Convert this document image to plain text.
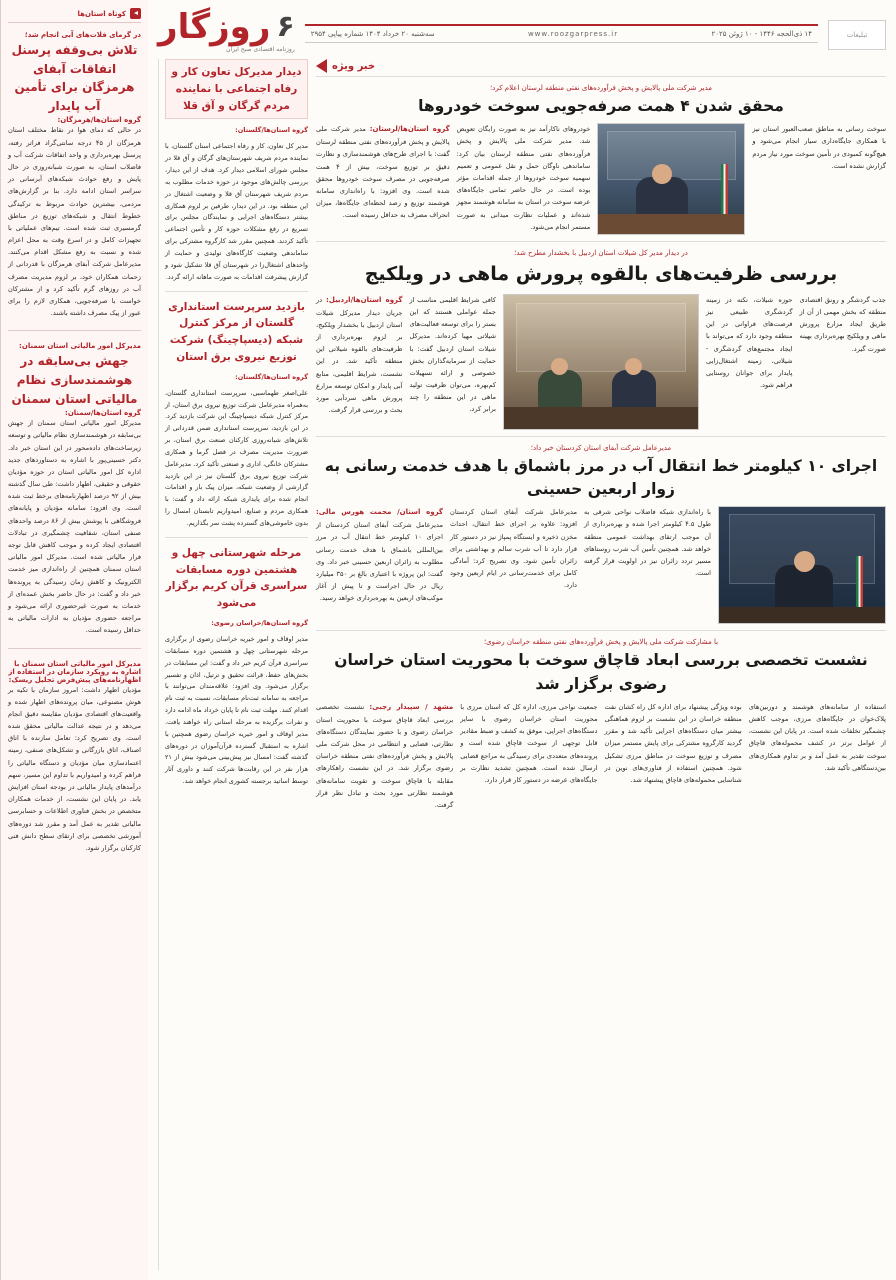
۶
روزگار
روزنامه اقتصادی صبح ایران
سه‌شنبه ۲۰ خرداد ۱۴۰۴ شماره پیاپی ۲۹۵۴	www.roozgarpress.ir	۱۴ ذی‌الحجه ۱۴۴۶ - ۱۰ ژوئن ۲۰۲۵	تبلیغات
خبر ویژه
مدیر شرکت ملی پالایش و پخش فرآورده‌های نفتی منطقه لرستان اعلام کرد؛
محقق شدن ۴ همت صرفه‌جویی سوخت خودروها
سوخت رسانی به مناطق صعب‌العبور استان نیز با همکاری جایگاه‌داری سیار انجام می‌شود و هیچ‌گونه کمبودی در تأمین سوخت مورد نیاز مردم گزارش نشده است.
خودروهای ناکارآمد نیز به صورت رایگان تعویض شد. مدیر شرکت ملی پالایش و پخش فرآورده‌های نفتی منطقه لرستان بیان کرد: ساماندهی ناوگان حمل و نقل عمومی و تعمیم سهمیه سوخت خودروها از جمله اقدامات مؤثر بوده است. در حال حاضر تمامی جایگاه‌های عرضه سوخت در استان به سامانه هوشمند مجهز شده‌اند و عملیات نظارت میدانی به صورت مستمر انجام می‌شود.
گروه استان‌ها/لرستان: مدیر شرکت ملی پالایش و پخش فرآورده‌های نفتی منطقه لرستان گفت: با اجرای طرح‌های هوشمندسازی و نظارت دقیق بر توزیع سوخت، بیش از ۴ همت صرفه‌جویی در مصرف سوخت خودروها محقق شده است. وی افزود: با راه‌اندازی سامانه هوشمند توزیع و رصد لحظه‌ای جایگاه‌ها، میزان انحراف مصرف به حداقل رسیده است.
در دیدار مدیر کل شیلات استان اردبیل با بخشدار مطرح شد؛
بررسی ظرفیت‌های بالقوه پرورش ماهی در ویلکیج
جذب گردشگر و رونق اقتصادی منطقه که بخش مهمی از آن از طریق ایجاد مزارع پرورش ماهی و ویلکیج بهره‌برداری بهینه صورت گیرد.
حوزه شیلات، نکته در زمینه گردشگری طبیعی نیز فرصت‌های فراوانی در این منطقه وجود دارد که می‌تواند با ایجاد مجتمع‌های گردشگری - شیلاتی، زمینه اشتغال‌زایی پایدار برای جوانان روستایی فراهم شود.
کافی شرایط اقلیمی مناسب از جمله عواملی هستند که این بستر را برای توسعه فعالیت‌های شیلاتی مهیا کرده‌اند. مدیرکل شیلات استان اردبیل گفت: با حمایت از سرمایه‌گذاران بخش خصوصی و ارائه تسهیلات کم‌بهره، می‌توان ظرفیت تولید ماهی در این منطقه را چند برابر کرد.
گروه استان‌ها/اردبیل: در جریان دیدار مدیرکل شیلات استان اردبیل با بخشدار ویلکیج، بر لزوم بهره‌برداری از ظرفیت‌های بالقوه شیلاتی این منطقه تأکید شد. در این نشست، شرایط اقلیمی، منابع آبی پایدار و امکان توسعه مزارع پرورش ماهی سردآبی مورد بحث و بررسی قرار گرفت.
مدیرعامل شرکت آبفای استان کردستان خبر داد؛
اجرای ۱۰ کیلومتر خط انتقال آب در مرز باشماق با هدف خدمت رسانی به زوار اربعین حسینی
با راه‌اندازی شبکه فاضلاب نواحی شرقی به طول ۴.۵ کیلومتر اجرا شده و بهره‌برداری از آن موجب ارتقای بهداشت عمومی منطقه خواهد شد. همچنین تأمین آب شرب روستاهای مسیر تردد زائران نیز در اولویت قرار گرفته است.
مدیرعامل شرکت آبفای استان کردستان افزود: علاوه بر اجرای خط انتقال، احداث مخزن ذخیره و ایستگاه پمپاژ نیز در دستور کار قرار دارد تا آب شرب سالم و بهداشتی برای زائران تأمین شود. وی تصریح کرد: آمادگی کامل برای خدمت‌رسانی در ایام اربعین وجود دارد.
گروه استان/ محمت هورس مالی: مدیرعامل شرکت آبفای استان کردستان از اجرای ۱۰ کیلومتر خط انتقال آب در مرز بین‌المللی باشماق با هدف خدمت رسانی مطلوب به زائران اربعین حسینی خبر داد. وی گفت: این پروژه با اعتباری بالغ بر ۳۵۰ میلیارد ریال در حال اجراست و تا پیش از آغاز موکب‌های اربعین به بهره‌برداری خواهد رسید.
با مشارکت شرکت ملی پالایش و پخش فرآورده‌های نفتی منطقه خراسان رضوی؛
نشست تخصصی بررسی ابعاد قاچاق سوخت با محوریت استان خراسان رضوی برگزار شد
استفاده از سامانه‌های هوشمند و دوربین‌های پلاک‌خوان در جایگاه‌های مرزی، موجب کاهش چشمگیر تخلفات شده است. در پایان این نشست، از عوامل برتر در کشف محموله‌های قاچاق سوخت تقدیر به عمل آمد و بر تداوم همکاری‌های بین‌دستگاهی تأکید شد.
بوده ویژگی پیشنهاد برای اداره کل راه کشان نفت منطقه خراسان در این نشست بر لزوم هماهنگی بیشتر میان دستگاه‌های اجرایی تأکید شد و مقرر گردید کارگروه مشترکی برای پایش مستمر میزان مصرف و توزیع سوخت در مناطق مرزی تشکیل شود. همچنین استفاده از فناوری‌های نوین در شناسایی محموله‌های قاچاق پیشنهاد شد.
جمعیت نواحی مرزی، اداره کل که استان مرزی با محوریت استان خراسان رضوی با سایر دستگاه‌های اجرایی، موفق به کشف و ضبط مقادیر قابل توجهی از سوخت قاچاق شده است و پرونده‌های متعددی برای رسیدگی به مراجع قضایی ارسال شده است. همچنین تشدید نظارت بر جایگاه‌های عرضه در دستور کار قرار دارد.
مشهد / سپیدار رجبی: نشست تخصصی بررسی ابعاد قاچاق سوخت با محوریت استان خراسان رضوی و با حضور نمایندگان دستگاه‌های نظارتی، قضایی و انتظامی در محل شرکت ملی پالایش و پخش فرآورده‌های نفتی منطقه خراسان رضوی برگزار شد. در این نشست راهکارهای مقابله با قاچاق سوخت و تقویت سامانه‌های هوشمند نظارتی مورد بحث و تبادل نظر قرار گرفت.
دیدار مدیرکل تعاون کار و رفاه اجتماعی با نماینده مردم گرگان و آق قلا
گروه استان‌ها/گلستان:
مدیر کل تعاون، کار و رفاه اجتماعی استان گلستان، با نماینده مردم شریف شهرستان‌های گرگان و آق قلا در مجلس شورای اسلامی دیدار کرد. هدف از این دیدار، بررسی چالش‌های موجود در حوزه خدمات مطلوب به مردم شریف شهرستان آق قلا و وضعیت اشتغال در این منطقه بود. در این دیدار، طرفین بر لزوم همکاری بیشتر دستگاه‌های اجرایی و نمایندگان مجلس برای تسریع در رفع مشکلات حوزه کار و تأمین اجتماعی تأکید کردند. همچنین مقرر شد کارگروه مشترکی برای ساماندهی وضعیت کارگاه‌های تولیدی و حمایت از واحدهای اشتغال‌زا در شهرستان آق قلا تشکیل شود و گزارش پیشرفت اقدامات به صورت ماهانه ارائه گردد.
بازدید سرپرست استانداری گلستان از مرکز کنترل شبکه (دیسپاچینگ) شرکت توزیع نیروی برق استان
گروه استان‌ها/گلستان:
علی‌اصغر طهماسبی، سرپرست استانداری گلستان، به‌همراه مدیرعامل شرکت توزیع نیروی برق استان، از مرکز کنترل شبکه دیسپاچینگ این شرکت بازدید کرد. در این بازدید، سرپرست استانداری ضمن قدردانی از تلاش‌های شبانه‌روزی کارکنان صنعت برق استان، بر ضرورت مدیریت مصرف در فصل گرما و همکاری مشترکان خانگی، اداری و صنعتی تأکید کرد. مدیرعامل شرکت توزیع نیروی برق گلستان نیز در این بازدید گزارشی از وضعیت شبکه، میزان پیک بار و اقدامات انجام شده برای پایداری شبکه ارائه داد و گفت: با همکاری مردم و صنایع، امیدواریم تابستان امسال را بدون خاموشی‌های گسترده پشت سر بگذاریم.
مرحله شهرستانی چهل و هشتمین دوره مسابقات سراسری قرآن کریم برگزار می‌شود
گروه استان‌ها/خراسان رضوی:
مدیر اوقاف و امور خیریه خراسان رضوی از برگزاری مرحله شهرستانی چهل و هشتمین دوره مسابقات سراسری قرآن کریم خبر داد و گفت: این مسابقات در بخش‌های حفظ، قرائت تحقیق و ترتیل، اذان و تفسیر برگزار می‌شود. وی افزود: علاقه‌مندان می‌توانند با مراجعه به سامانه ثبت‌نام مسابقات، نسبت به ثبت نام اقدام کنند. مهلت ثبت نام تا پایان خرداد ماه ادامه دارد و نفرات برگزیده به مرحله استانی راه خواهند یافت. مدیر اوقاف و امور خیریه خراسان رضوی همچنین با اشاره به استقبال گسترده قرآن‌آموزان در دوره‌های گذشته گفت: امسال نیز پیش‌بینی می‌شود بیش از ۲۱ هزار نفر در این رقابت‌ها شرکت کنند و داوری آثار توسط اساتید برجسته کشوری انجام خواهد شد.
کوتاه استان‌ها
در گرمای فلات‌های آبی انجام شد؛
تلاش بی‌وقفه پرسنل اتفاقات آبفای هرمزگان برای تأمین آب پایدار
گروه استان‌ها/هرمزگان:
در حالی که دمای هوا در نقاط مختلف استان هرمزگان از ۴۵ درجه سانتی‌گراد فراتر رفته، پرسنل بهره‌برداری و واحد اتفاقات شرکت آب و فاضلاب استان، به صورت شبانه‌روزی در حال پایش و رفع حوادث شبکه‌های آبرسانی در سراسر استان ادامه دارد. بنا بر گزارش‌های مردمی، بیشترین حوادث مربوط به ترکیدگی خطوط انتقال و شبکه‌های توزیع در مناطق گرمسیری ثبت شده است. تیم‌های عملیاتی با تجهیزات کامل و در اسرع وقت به محل اعزام شده و نسبت به رفع مشکل اقدام می‌کنند. مدیرعامل شرکت آبفای هرمزگان با قدردانی از زحمات همکاران خود، بر لزوم مدیریت مصرف آب در روزهای گرم تأکید کرد و از مشترکان خواست با صرفه‌جویی، همکاری لازم را برای عبور از پیک مصرف داشته باشند.
مدیرکل امور مالیاتی استان سمنان:
جهش بی‌سابقه در هوشمندسازی نظام مالیاتی استان سمنان
گروه استان‌ها/سمنان:
مدیرکل امور مالیاتی استان سمنان از جهش بی‌سابقه در هوشمندسازی نظام مالیاتی و توسعه زیرساخت‌های داده‌محور در این استان خبر داد. دکتر حسینی‌پور با اشاره به دستاوردهای جدید اداره کل امور مالیاتی استان در حوزه مؤدیان حقوقی و حقیقی، اظهار داشت: طی سال گذشته بیش از ۹۲ درصد اظهارنامه‌های برخط ثبت شده است. وی افزود: سامانه مؤدیان و پایانه‌های فروشگاهی با پوشش بیش از ۸۶ درصد واحدهای صنفی استان، شفافیت چشمگیری در تبادلات اقتصادی ایجاد کرده و موجب کاهش قابل توجه فرار مالیاتی شده است. مدیرکل امور مالیاتی استان سمنان همچنین از راه‌اندازی میز خدمت الکترونیک و کاهش زمان رسیدگی به پرونده‌ها خبر داد و گفت: در حال حاضر بخش عمده‌ای از خدمات به صورت غیرحضوری ارائه می‌شود و مراجعه حضوری مؤدیان به ادارات مالیاتی به حداقل رسیده است.
مدیرکل امور مالیاتی استان سمنان با اشاره به رویکرد سازمان در استفاده از اظهارنامه‌های پیش‌فرض تحلیل ریسک:
مؤدیان اظهار داشت: امروز سازمان با تکیه بر هوش مصنوعی، میان پرونده‌های اظهار شده و واقعیت‌های اقتصادی مؤدیان مقایسه دقیق انجام می‌دهد و در نتیجه عدالت مالیاتی محقق شده است. وی تصریح کرد: تعامل سازنده با اتاق اصناف، اتاق بازرگانی و تشکل‌های صنفی، زمینه اعتمادسازی میان مؤدیان و دستگاه مالیاتی را فراهم کرده و امیدواریم با تداوم این مسیر، سهم درآمدهای پایدار مالیاتی در بودجه استان افزایش یابد. در پایان این نشست، از خدمات همکاران متخصص در بخش فناوری اطلاعات و حسابرسی مالیاتی تقدیر به عمل آمد و مقرر شد دوره‌های آموزشی تخصصی برای ارتقای سطح دانش فنی کارکنان برگزار شود.
